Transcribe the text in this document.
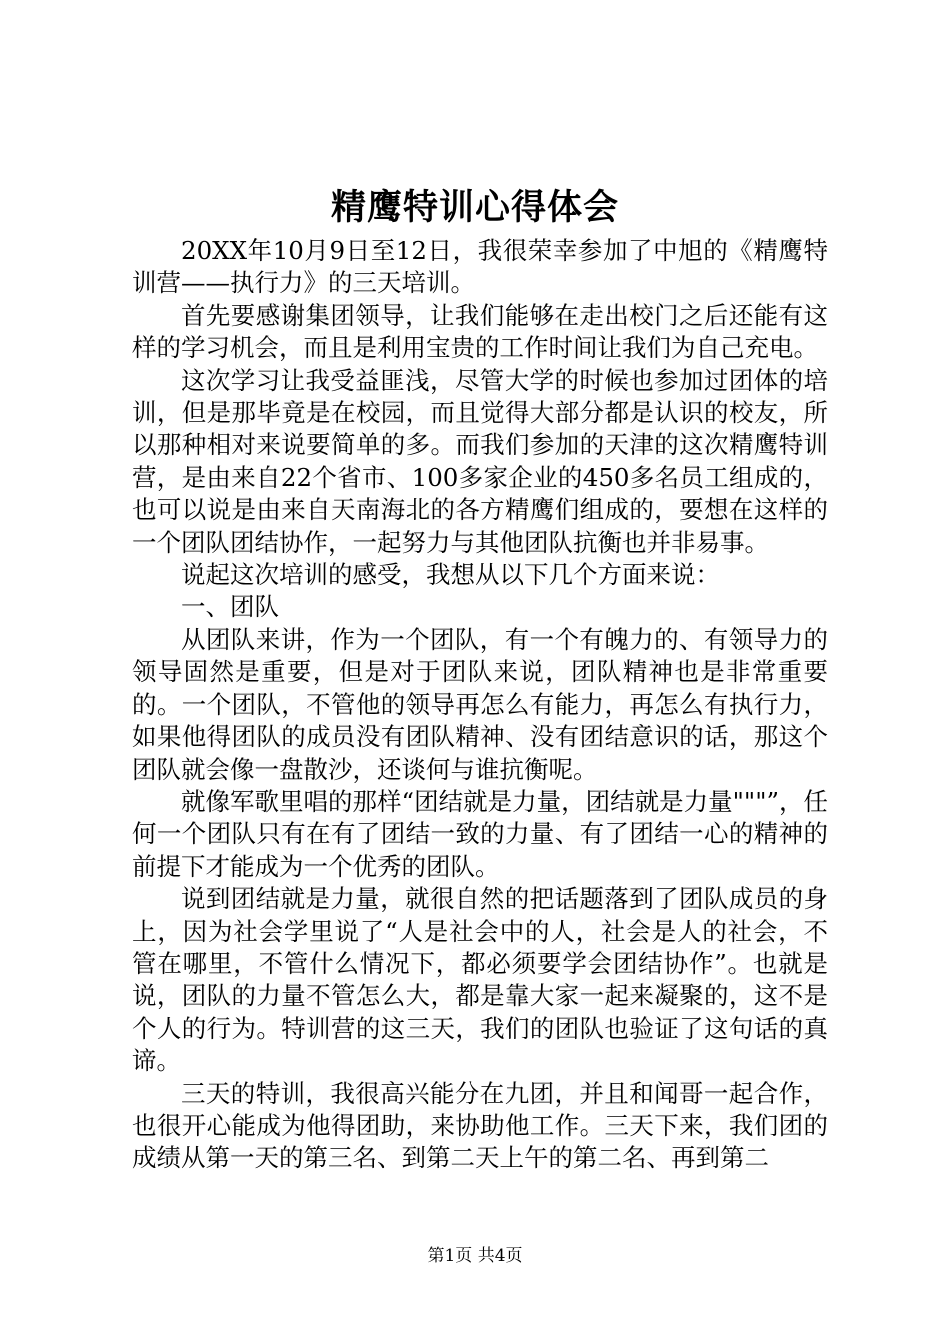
精鹰特训心得体会

20XX年10月9日至12日，我很荣幸参加了中旭的《精鹰特训营——执行力》的三天培训。

首先要感谢集团领导，让我们能够在走出校门之后还能有这样的学习机会，而且是利用宝贵的工作时间让我们为自己充电。

这次学习让我受益匪浅，尽管大学的时候也参加过团体的培训，但是那毕竟是在校园，而且觉得大部分都是认识的校友，所以那种相对来说要简单的多。而我们参加的天津的这次精鹰特训营，是由来自22个省市、100多家企业的450多名员工组成的，也可以说是由来自天南海北的各方精鹰们组成的，要想在这样的一个团队团结协作，一起努力与其他团队抗衡也并非易事。

说起这次培训的感受，我想从以下几个方面来说：

一、团队

从团队来讲，作为一个团队，有一个有魄力的、有领导力的领导固然是重要，但是对于团队来说，团队精神也是非常重要的。一个团队，不管他的领导再怎么有能力，再怎么有执行力，如果他得团队的成员没有团队精神、没有团结意识的话，那这个团队就会像一盘散沙，还谈何与谁抗衡呢。

就像军歌里唱的那样“团结就是力量，团结就是力量"""”，任何一个团队只有在有了团结一致的力量、有了团结一心的精神的前提下才能成为一个优秀的团队。

说到团结就是力量，就很自然的把话题落到了团队成员的身上，因为社会学里说了“人是社会中的人，社会是人的社会，不管在哪里，不管什么情况下，都必须要学会团结协作”。也就是说，团队的力量不管怎么大，都是靠大家一起来凝聚的，这不是个人的行为。特训营的这三天，我们的团队也验证了这句话的真谛。

三天的特训，我很高兴能分在九团，并且和闻哥一起合作，也很开心能成为他得团助，来协助他工作。三天下来，我们团的成绩从第一天的第三名、到第二天上午的第二名、再到第二

第1页 共4页
